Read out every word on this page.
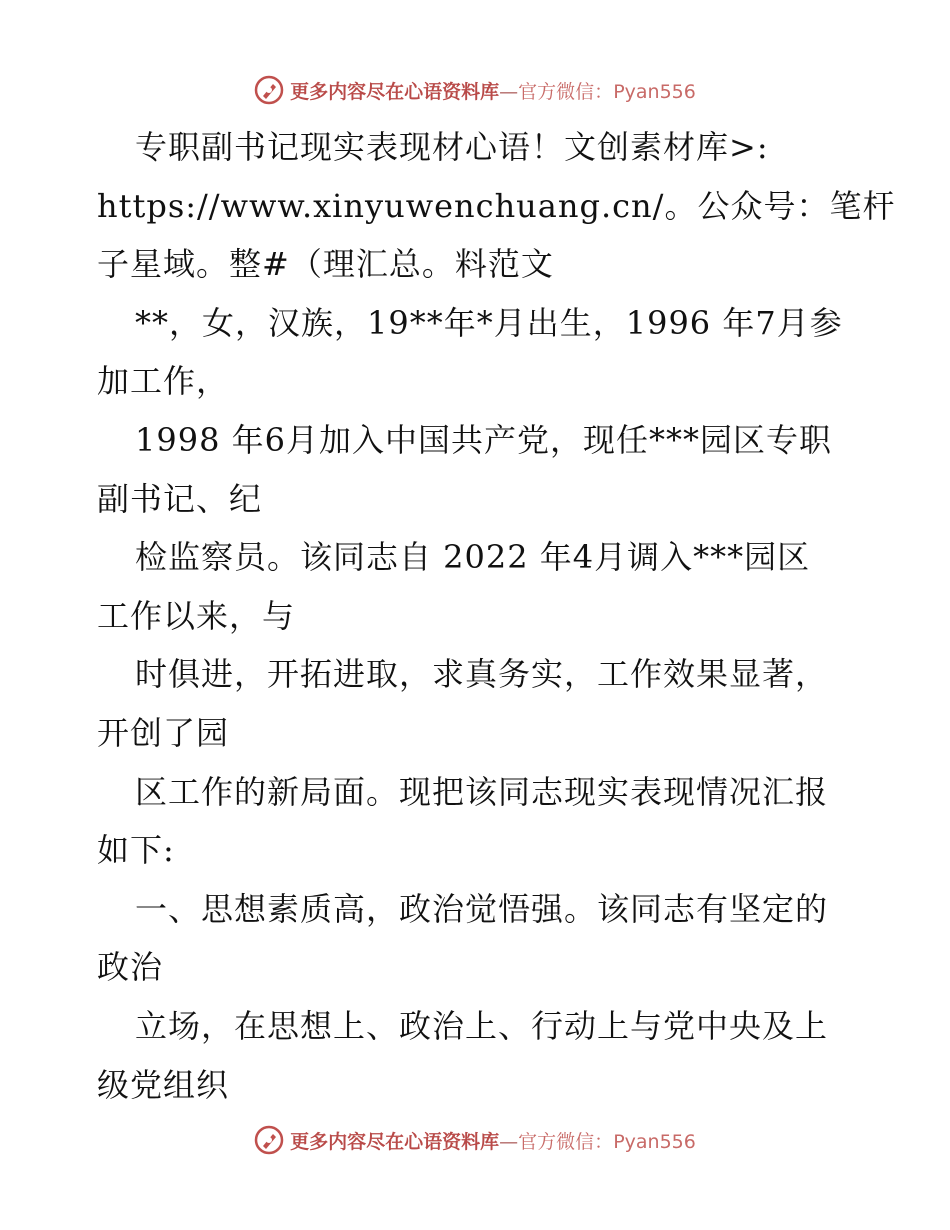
更多内容尽在心语资料库—官方微信：Pyan556
专职副书记现实表现材心语！文创素材库>:
https://www.xinyuwenchuang.cn/。公众号：笔杆
子星域。整#（理汇总。料范文
**，女，汉族，19**年*月出生，1996 年7月参
加工作，
1998 年6月加入中国共产党，现任***园区专职
副书记、纪
检监察员。该同志自 2022 年4月调入***园区
工作以来，与
时俱进，开拓进取，求真务实，工作效果显著，
开创了园
区工作的新局面。现把该同志现实表现情况汇报
如下:
一、思想素质高，政治觉悟强。该同志有坚定的
政治
立场，在思想上、政治上、行动上与党中央及上
级党组织
更多内容尽在心语资料库—官方微信：Pyan556
